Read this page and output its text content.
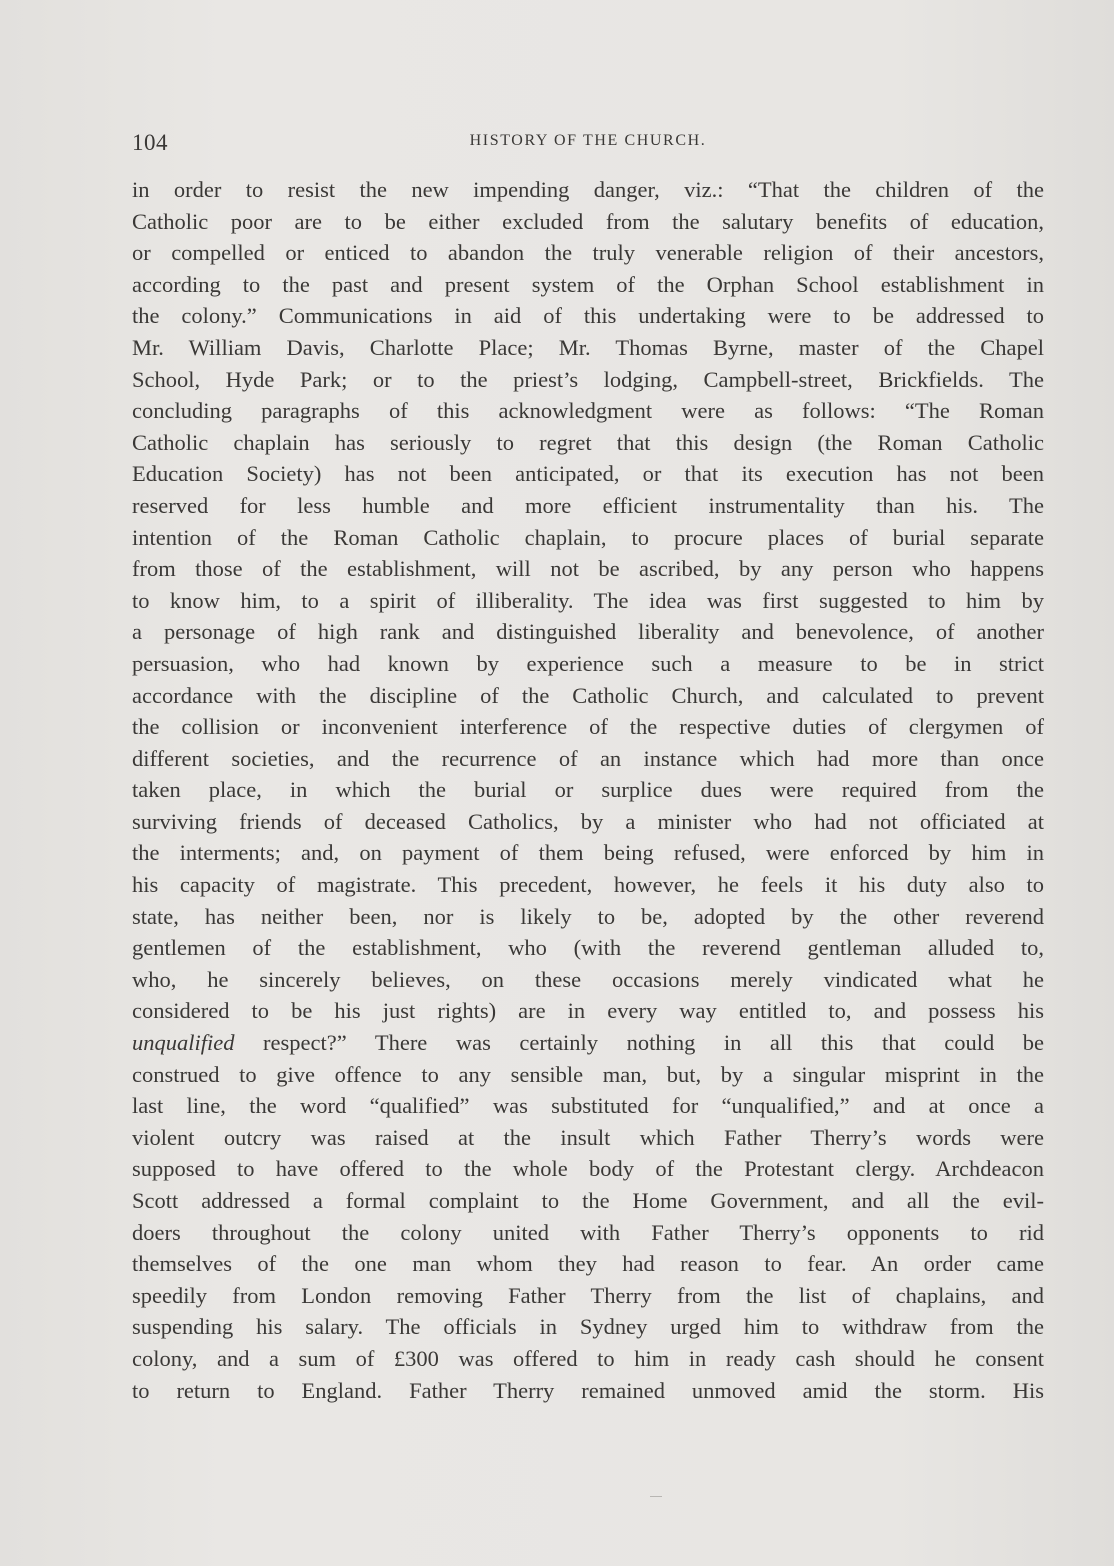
104	HISTORY OF THE CHURCH.
in order to resist the new impending danger, viz.: “That the children of the
Catholic poor are to be either excluded from the salutary benefits of education,
or compelled or enticed to abandon the truly venerable religion of their ancestors,
according to the past and present system of the Orphan School establishment in
the colony.” Communications in aid of this undertaking were to be addressed to
Mr. William Davis, Charlotte Place; Mr. Thomas Byrne, master of the Chapel
School, Hyde Park; or to the priest’s lodging, Campbell-street, Brickfields. The
concluding paragraphs of this acknowledgment were as follows: “The Roman
Catholic chaplain has seriously to regret that this design (the Roman Catholic
Education Society) has not been anticipated, or that its execution has not been
reserved for less humble and more efficient instrumentality than his. The
intention of the Roman Catholic chaplain, to procure places of burial separate
from those of the establishment, will not be ascribed, by any person who happens
to know him, to a spirit of illiberality. The idea was first suggested to him by
a personage of high rank and distinguished liberality and benevolence, of another
persuasion, who had known by experience such a measure to be in strict
accordance with the discipline of the Catholic Church, and calculated to prevent
the collision or inconvenient interference of the respective duties of clergymen of
different societies, and the recurrence of an instance which had more than once
taken place, in which the burial or surplice dues were required from the
surviving friends of deceased Catholics, by a minister who had not officiated at
the interments; and, on payment of them being refused, were enforced by him in
his capacity of magistrate. This precedent, however, he feels it his duty also to
state, has neither been, nor is likely to be, adopted by the other reverend
gentlemen of the establishment, who (with the reverend gentleman alluded to,
who, he sincerely believes, on these occasions merely vindicated what he
considered to be his just rights) are in every way entitled to, and possess his
unqualified respect?” There was certainly nothing in all this that could be
construed to give offence to any sensible man, but, by a singular misprint in the
last line, the word “qualified” was substituted for “unqualified,” and at once a
violent outcry was raised at the insult which Father Therry’s words were
supposed to have offered to the whole body of the Protestant clergy. Archdeacon
Scott addressed a formal complaint to the Home Government, and all the evil-
doers throughout the colony united with Father Therry’s opponents to rid
themselves of the one man whom they had reason to fear. An order came
speedily from London removing Father Therry from the list of chaplains, and
suspending his salary. The officials in Sydney urged him to withdraw from the
colony, and a sum of £300 was offered to him in ready cash should he consent
to return to England. Father Therry remained unmoved amid the storm. His
